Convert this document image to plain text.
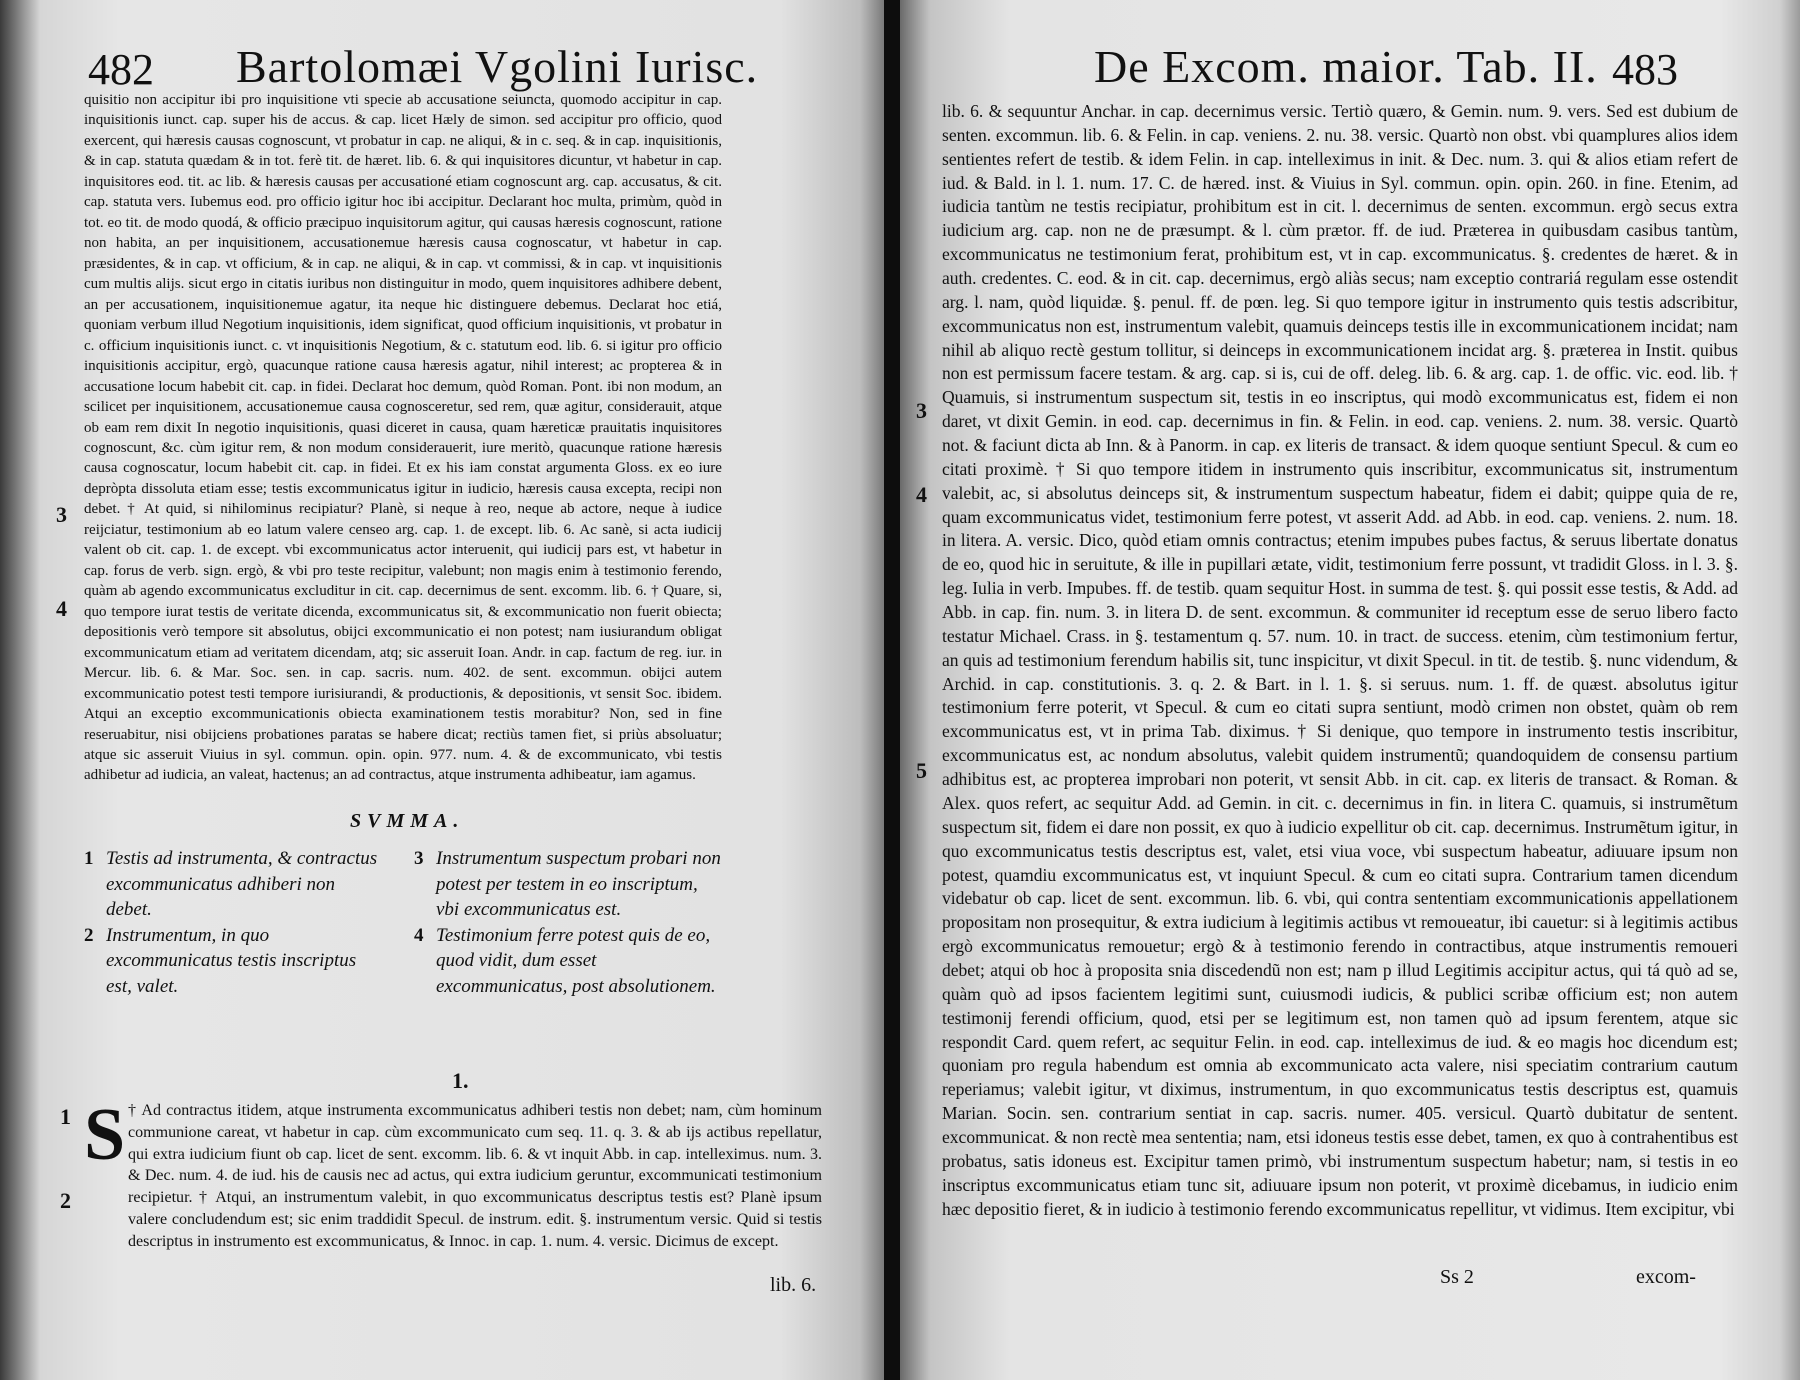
482 Bartolomæi Vgolini Iurisc.

quisitio non accipitur ibi pro inquisitione vti specie ab accusatione seiuncta, quomodo accipitur in cap. inquisitionis iunct. cap. super his de accus. & cap. licet Hæly de simon. sed accipitur pro officio, quod exercent, qui hæresis causas cognoscunt, vt probatur in cap. ne aliqui, & in c. seq. & in cap. inquisitionis, & in cap. statuta quædam & in tot. ferè tit. de hæret. lib. 6. & qui inquisitores dicuntur, vt habetur in cap. inquisitores eod. tit. ac lib. & hæresis causas per accusationé etiam cognoscunt arg. cap. accusatus, & cit. cap. statuta vers. Iubemus eod. pro officio igitur hoc ibi accipitur. Declarant hoc multa, primùm, quòd in tot. eo tit. de modo quodá, & officio præcipuo inquisitorum agitur, qui causas hæresis cognoscunt, ratione non habita, an per inquisitionem, accusationemue hæresis causa cognoscatur, vt habetur in cap. præsidentes, & in cap. vt officium, & in cap. ne aliqui, & in cap. vt commissi, & in cap. vt inquisitionis cum multis alijs. sicut ergo in citatis iuribus non distinguitur in modo, quem inquisitores adhibere debent, an per accusationem, inquisitionemue agatur, ita neque hic distinguere debemus. Declarat hoc etiá, quoniam verbum illud Negotium inquisitionis, idem significat, quod officium inquisitionis, vt probatur in c. officium inquisitionis iunct. c. vt inquisitionis Negotium, & c. statutum eod. lib. 6. si igitur pro officio inquisitionis accipitur, ergò, quacunque ratione causa hæresis agatur, nihil interest; ac propterea & in accusatione locum habebit cit. cap. in fidei. Declarat hoc demum, quòd Roman. Pont. ibi non modum, an scilicet per inquisitionem, accusationemue causa cognosceretur, sed rem, quæ agitur, considerauit, atque ob eam rem dixit In negotio inquisitionis, quasi diceret in causa, quam hæreticæ prauitatis inquisitores cognoscunt, &c. cùm igitur rem, & non modum considerauerit, iure meritò, quacunque ratione hæresis causa cognoscatur, locum habebit cit. cap. in fidei. Et ex his iam constat argumenta Gloss. ex eo iure depròpta dissoluta etiam esse; testis excommunicatus igitur in iudicio, hæresis causa excepta, recipi non debet. † At quid, si nihilominus recipiatur? Planè, si neque à reo, neque ab actore, neque à iudice reijciatur, testimonium ab eo latum valere censeo arg. cap. 1. de except. lib. 6. Ac sanè, si acta iudicij valent ob cit. cap. 1. de except. vbi excommunicatus actor interuenit, qui iudicij pars est, vt habetur in cap. forus de verb. sign. ergò, & vbi pro teste recipitur, valebunt; non magis enim à testimonio ferendo, quàm ab agendo excommunicatus excluditur in cit. cap. decernimus de sent. excomm. lib. 6. † Quare, si, quo tempore iurat testis de veritate dicenda, excommunicatus sit, & excommunicatio non fuerit obiecta; depositionis verò tempore sit absolutus, obijci excommunicatio ei non potest; nam iusiurandum obligat excommunicatum etiam ad veritatem dicendam, atq; sic asseruit Ioan. Andr. in cap. factum de reg. iur. in Mercur. lib. 6. & Mar. Soc. sen. in cap. sacris. num. 402. de sent. excommun. obijci autem excommunicatio potest testi tempore iurisiurandi, & productionis, & depositionis, vt sensit Soc. ibidem. Atqui an exceptio excommunicationis obiecta examinationem testis morabitur? Non, sed in fine reseruabitur, nisi obijciens probationes paratas se habere dicat; rectiùs tamen fiet, si priùs absoluatur; atque sic asseruit Viuius in syl. commun. opin. opin. 977. num. 4. & de excommunicato, vbi testis adhibetur ad iudicia, an valeat, hactenus; an ad contractus, atque instrumenta adhibeatur, iam agamus.

3
4
SVMMA.
1 Testis ad instrumenta, & contractus excommunicatus adhiberi non debet.
2 Instrumentum, in quo excommunicatus testis inscriptus est, valet.
3 Instrumentum suspectum probari non potest per testem in eo inscriptum, vbi excommunicatus est.
4 Testimonium ferre potest quis de eo, quod vidit, dum esset excommunicatus, post absolutionem.
1.
1
2
S † Ad contractus itidem, atque instrumenta excommunicatus adhiberi testis non debet; nam, cùm hominum communione careat, vt habetur in cap. cùm excommunicato cum seq. 11. q. 3. & ab ijs actibus repellatur, qui extra iudicium fiunt ob cap. licet de sent. excomm. lib. 6. & vt inquit Abb. in cap. intelleximus. num. 3. & Dec. num. 4. de iud. his de causis nec ad actus, qui extra iudicium geruntur, excommunicati testimonium recipietur. † Atqui, an instrumentum valebit, in quo excommunicatus descriptus testis est? Planè ipsum valere concludendum est; sic enim traddidit Specul. de instrum. edit. §. instrumentum versic. Quid si testis descriptus in instrumento est excommunicatus, & Innoc. in cap. 1. num. 4. versic. Dicimus de except.

lib. 6.
De Excom. maior. Tab. II. 483

lib. 6. & sequuntur Anchar. in cap. decernimus versic. Tertiò quæro, & Gemin. num. 9. vers. Sed est dubium de senten. excommun. lib. 6. & Felin. in cap. veniens. 2. nu. 38. versic. Quartò non obst. vbi quamplures alios idem sentientes refert de testib. & idem Felin. in cap. intelleximus in init. & Dec. num. 3. qui & alios etiam refert de iud. & Bald. in l. 1. num. 17. C. de hæred. inst. & Viuius in Syl. commun. opin. opin. 260. in fine. Etenim, ad iudicia tantùm ne testis recipiatur, prohibitum est in cit. l. decernimus de senten. excommun. ergò secus extra iudicium arg. cap. non ne de præsumpt. & l. cùm prætor. ff. de iud. Præterea in quibusdam casibus tantùm, excommunicatus ne testimonium ferat, prohibitum est, vt in cap. excommunicatus. §. credentes de hæret. & in auth. credentes. C. eod. & in cit. cap. decernimus, ergò aliàs secus; nam exceptio contrariá regulam esse ostendit arg. l. nam, quòd liquidæ. §. penul. ff. de pœn. leg. Si quo tempore igitur in instrumento quis testis adscribitur, excommunicatus non est, instrumentum valebit, quamuis deinceps testis ille in excommunicationem incidat; nam nihil ab aliquo rectè gestum tollitur, si deinceps in excommunicationem incidat arg. §. præterea in Instit. quibus non est permissum facere testam. & arg. cap. si is, cui de off. deleg. lib. 6. & arg. cap. 1. de offic. vic. eod. lib. † Quamuis, si instrumentum suspectum sit, testis in eo inscriptus, qui modò excommunicatus est, fidem ei non daret, vt dixit Gemin. in eod. cap. decernimus in fin. & Felin. in eod. cap. veniens. 2. num. 38. versic. Quartò not. & faciunt dicta ab Inn. & à Panorm. in cap. ex literis de transact. & idem quoque sentiunt Specul. & cum eo citati proximè. † Si quo tempore itidem in instrumento quis inscribitur, excommunicatus sit, instrumentum valebit, ac, si absolutus deinceps sit, & instrumentum suspectum habeatur, fidem ei dabit; quippe quia de re, quam excommunicatus videt, testimonium ferre potest, vt asserit Add. ad Abb. in eod. cap. veniens. 2. num. 18. in litera. A. versic. Dico, quòd etiam omnis contractus; etenim impubes pubes factus, & seruus libertate donatus de eo, quod hic in seruitute, & ille in pupillari ætate, vidit, testimonium ferre possunt, vt tradidit Gloss. in l. 3. §. leg. Iulia in verb. Impubes. ff. de testib. quam sequitur Host. in summa de test. §. qui possit esse testis, & Add. ad Abb. in cap. fin. num. 3. in litera D. de sent. excommun. & communiter id receptum esse de seruo libero facto testatur Michael. Crass. in §. testamentum q. 57. num. 10. in tract. de success. etenim, cùm testimonium fertur, an quis ad testimonium ferendum habilis sit, tunc inspicitur, vt dixit Specul. in tit. de testib. §. nunc videndum, & Archid. in cap. constitutionis. 3. q. 2. & Bart. in l. 1. §. si seruus. num. 1. ff. de quæst. absolutus igitur testimonium ferre poterit, vt Specul. & cum eo citati supra sentiunt, modò crimen non obstet, quàm ob rem excommunicatus est, vt in prima Tab. diximus. † Si denique, quo tempore in instrumento testis inscribitur, excommunicatus est, ac nondum absolutus, valebit quidem instrumentũ; quandoquidem de consensu partium adhibitus est, ac propterea improbari non poterit, vt sensit Abb. in cit. cap. ex literis de transact. & Roman. & Alex. quos refert, ac sequitur Add. ad Gemin. in cit. c. decernimus in fin. in litera C. quamuis, si instrumẽtum suspectum sit, fidem ei dare non possit, ex quo à iudicio expellitur ob cit. cap. decernimus. Instrumẽtum igitur, in quo excommunicatus testis descriptus est, valet, etsi viua voce, vbi suspectum habeatur, adiuuare ipsum non potest, quamdiu excommunicatus est, vt inquiunt Specul. & cum eo citati supra. Contrarium tamen dicendum videbatur ob cap. licet de sent. excommun. lib. 6. vbi, qui contra sententiam excommunicationis appellationem propositam non prosequitur, & extra iudicium à legitimis actibus vt remoueatur, ibi cauetur: si à legitimis actibus ergò excommunicatus remouetur; ergò & à testimonio ferendo in contractibus, atque instrumentis remoueri debet; atqui ob hoc à proposita snia discedendũ non est; nam p illud Legitimis accipitur actus, qui tá quò ad se, quàm quò ad ipsos facientem legitimi sunt, cuiusmodi iudicis, & publici scribæ officium est; non autem testimonij ferendi officium, quod, etsi per se legitimum est, non tamen quò ad ipsum ferentem, atque sic respondit Card. quem refert, ac sequitur Felin. in eod. cap. intelleximus de iud. & eo magis hoc dicendum est; quoniam pro regula habendum est omnia ab excommunicato acta valere, nisi speciatim contrarium cautum reperiamus; valebit igitur, vt diximus, instrumentum, in quo excommunicatus testis descriptus est, quamuis Marian. Socin. sen. contrarium sentiat in cap. sacris. numer. 405. versicul. Quartò dubitatur de sentent. excommunicat. & non rectè mea sententia; nam, etsi idoneus testis esse debet, tamen, ex quo à contrahentibus est probatus, satis idoneus est. Excipitur tamen primò, vbi instrumentum suspectum habetur; nam, si testis in eo inscriptus excommunicatus etiam tunc sit, adiuuare ipsum non poterit, vt proximè dicebamus, in iudicio enim hæc depositio fieret, & in iudicio à testimonio ferendo excommunicatus repellitur, vt vidimus. Item excipitur, vbi

3
4
5
Ss 2	excom-
